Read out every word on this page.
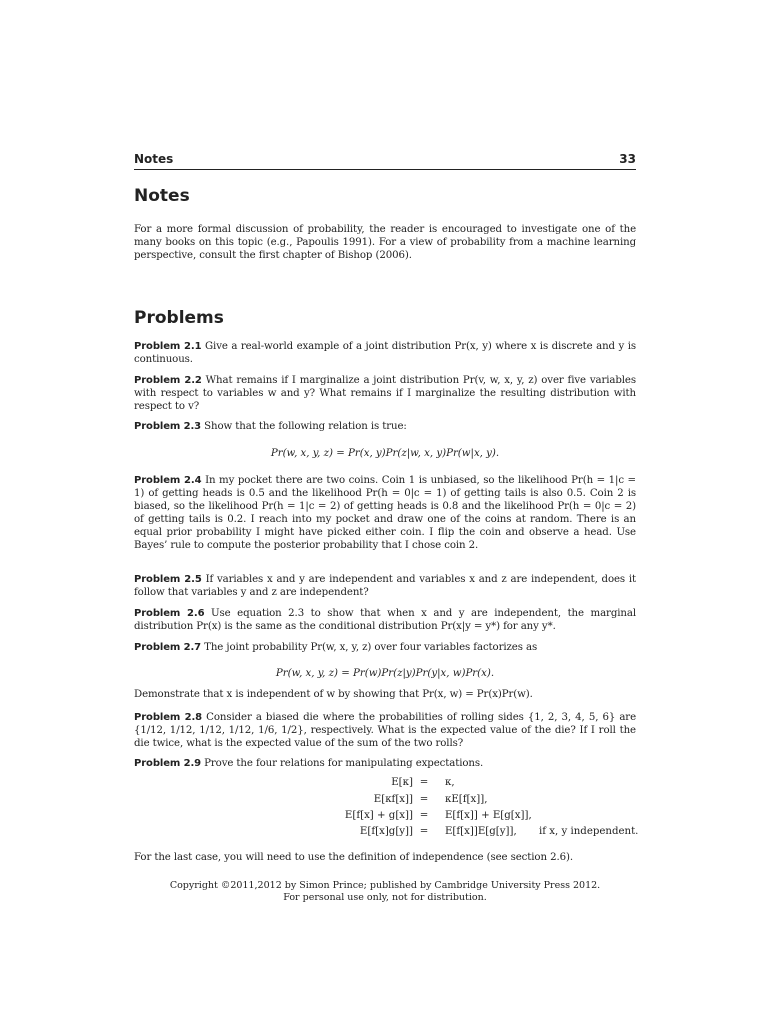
Notes	33
Notes

For a more formal discussion of probability, the reader is encouraged to investigate one of the many books on this topic (e.g., Papoulis 1991). For a view of probability from a machine learning perspective, consult the first chapter of Bishop (2006).

Problems

Problem 2.1 Give a real-world example of a joint distribution Pr(x, y) where x is discrete and y is continuous.

Problem 2.2 What remains if I marginalize a joint distribution Pr(v, w, x, y, z) over five variables with respect to variables w and y? What remains if I marginalize the resulting distribution with respect to v?

Problem 2.3 Show that the following relation is true:

Pr(w, x, y, z) = Pr(x, y)Pr(z|w, x, y)Pr(w|x, y).

Problem 2.4 In my pocket there are two coins. Coin 1 is unbiased, so the likelihood Pr(h = 1|c = 1) of getting heads is 0.5 and the likelihood Pr(h = 0|c = 1) of getting tails is also 0.5. Coin 2 is biased, so the likelihood Pr(h = 1|c = 2) of getting heads is 0.8 and the likelihood Pr(h = 0|c = 2) of getting tails is 0.2. I reach into my pocket and draw one of the coins at random. There is an equal prior probability I might have picked either coin. I flip the coin and observe a head. Use Bayes’ rule to compute the posterior probability that I chose coin 2.

Problem 2.5 If variables x and y are independent and variables x and z are independent, does it follow that variables y and z are independent?

Problem 2.6 Use equation 2.3 to show that when x and y are independent, the marginal distribution Pr(x) is the same as the conditional distribution Pr(x|y = y*) for any y*.

Problem 2.7 The joint probability Pr(w, x, y, z) over four variables factorizes as

Pr(w, x, y, z) = Pr(w)Pr(z|y)Pr(y|x, w)Pr(x).

Demonstrate that x is independent of w by showing that Pr(x, w) = Pr(x)Pr(w).

Problem 2.8 Consider a biased die where the probabilities of rolling sides {1, 2, 3, 4, 5, 6} are {1/12, 1/12, 1/12, 1/12, 1/6, 1/2}, respectively. What is the expected value of the die? If I roll the die twice, what is the expected value of the sum of the two rolls?

Problem 2.9 Prove the four relations for manipulating expectations.

E[κ] = κ,
E[κf[x]] = κE[f[x]],
E[f[x] + g[x]] = E[f[x]] + E[g[x]],
E[f[x]g[y]] = E[f[x]]E[g[y]], if x, y independent.

For the last case, you will need to use the definition of independence (see section 2.6).

Copyright ©2011,2012 by Simon Prince; published by Cambridge University Press 2012.
For personal use only, not for distribution.
